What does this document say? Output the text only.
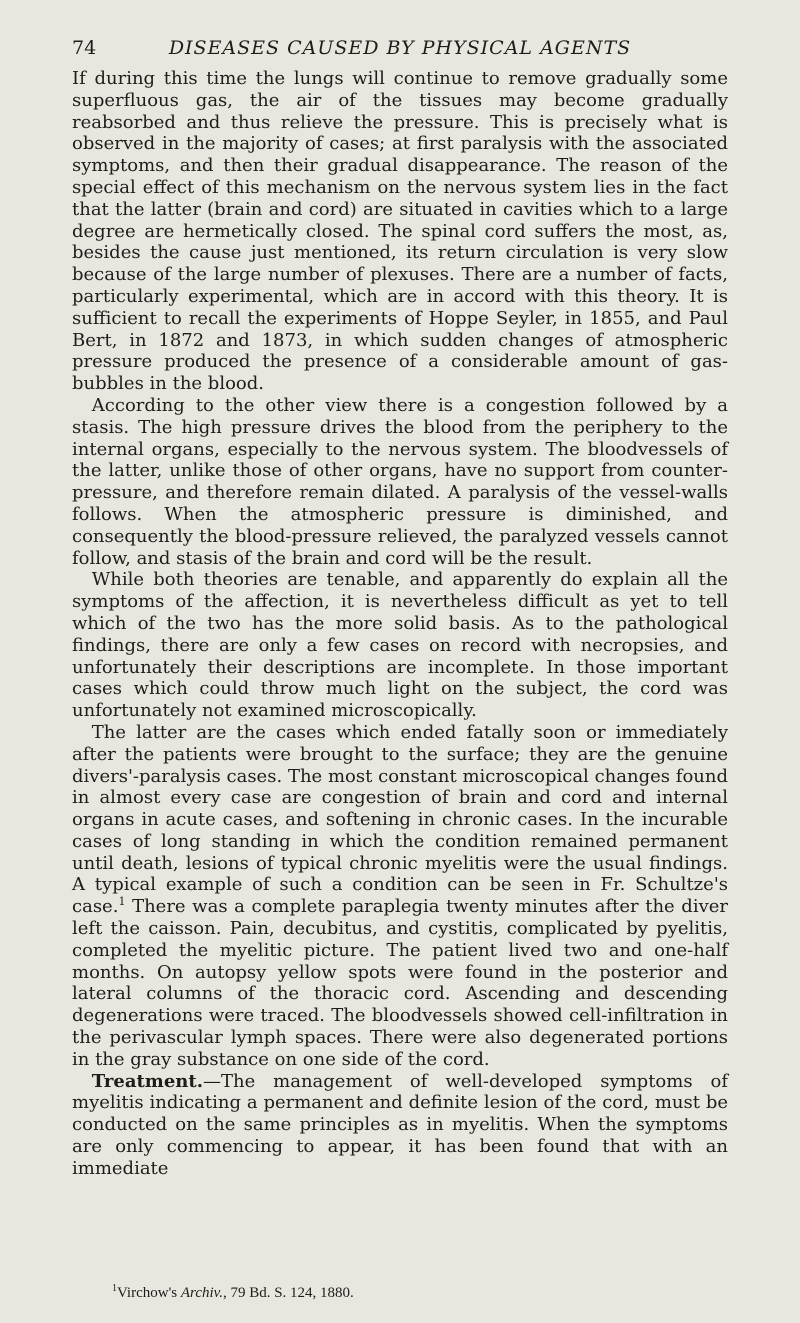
74	DISEASES CAUSED BY PHYSICAL AGENTS

If during this time the lungs will continue to remove gradually some superfluous gas, the air of the tissues may become gradually reabsorbed and thus relieve the pressure. This is precisely what is observed in the majority of cases; at first paralysis with the associated symptoms, and then their gradual disappearance. The reason of the special effect of this mechanism on the nervous system lies in the fact that the latter (brain and cord) are situated in cavities which to a large degree are hermetically closed. The spinal cord suffers the most, as, besides the cause just mentioned, its return circulation is very slow because of the large number of plexuses. There are a number of facts, particularly experimental, which are in accord with this theory. It is sufficient to recall the experiments of Hoppe Seyler, in 1855, and Paul Bert, in 1872 and 1873, in which sudden changes of atmospheric pressure produced the presence of a considerable amount of gas-bubbles in the blood.

According to the other view there is a congestion followed by a stasis. The high pressure drives the blood from the periphery to the internal organs, especially to the nervous system. The bloodvessels of the latter, unlike those of other organs, have no support from counter-pressure, and therefore remain dilated. A paralysis of the vessel-walls follows. When the atmospheric pressure is diminished, and consequently the blood-pressure relieved, the paralyzed vessels cannot follow, and stasis of the brain and cord will be the result.

While both theories are tenable, and apparently do explain all the symptoms of the affection, it is nevertheless difficult as yet to tell which of the two has the more solid basis. As to the pathological findings, there are only a few cases on record with necropsies, and unfortunately their descriptions are incomplete. In those important cases which could throw much light on the subject, the cord was unfortunately not examined microscopically.

The latter are the cases which ended fatally soon or immediately after the patients were brought to the surface; they are the genuine divers'-paralysis cases. The most constant microscopical changes found in almost every case are congestion of brain and cord and internal organs in acute cases, and softening in chronic cases. In the incurable cases of long standing in which the condition remained permanent until death, lesions of typical chronic myelitis were the usual findings. A typical example of such a condition can be seen in Fr. Schultze's case.$^1$ There was a complete paraplegia twenty minutes after the diver left the caisson. Pain, decubitus, and cystitis, complicated by pyelitis, completed the myelitic picture. The patient lived two and one-half months. On autopsy yellow spots were found in the posterior and lateral columns of the thoracic cord. Ascending and descending degenerations were traced. The bloodvessels showed cell-infiltration in the perivascular lymph spaces. There were also degenerated portions in the gray substance on one side of the cord.

Treatment.—The management of well-developed symptoms of myelitis indicating a permanent and definite lesion of the cord, must be conducted on the same principles as in myelitis. When the symptoms are only commencing to appear, it has been found that with an immediate

$^1$Virchow's Archiv., 79 Bd. S. 124, 1880.
